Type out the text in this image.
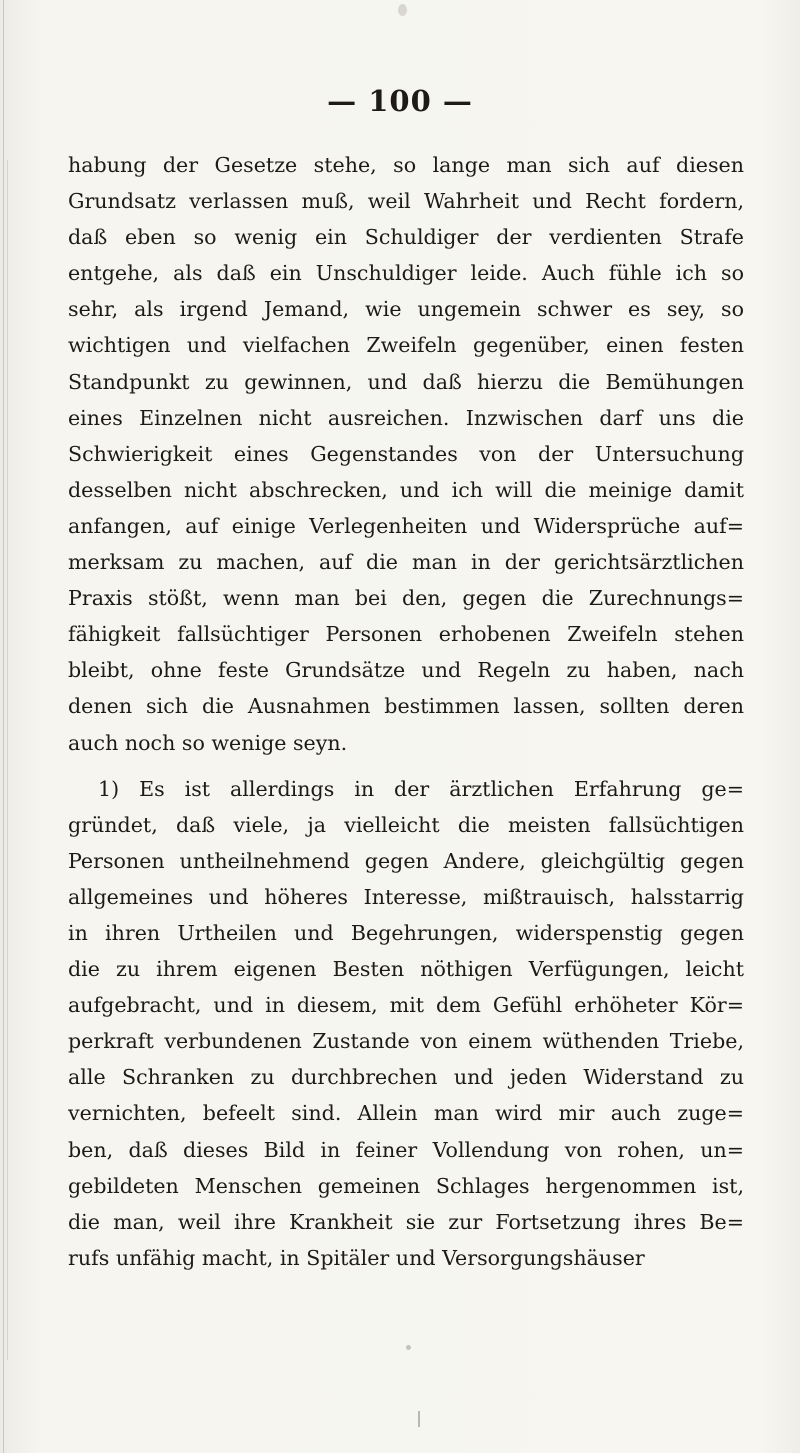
— 100 —
habung der Gesetze stehe, so lange man sich auf diesen
Grundsatz verlassen muß, weil Wahrheit und Recht fordern,
daß eben so wenig ein Schuldiger der verdienten Strafe
entgehe, als daß ein Unschuldiger leide. Auch fühle ich so
sehr, als irgend Jemand, wie ungemein schwer es sey, so
wichtigen und vielfachen Zweifeln gegenüber, einen festen
Standpunkt zu gewinnen, und daß hierzu die Bemühungen
eines Einzelnen nicht ausreichen. Inzwischen darf uns die
Schwierigkeit eines Gegenstandes von der Untersuchung
desselben nicht abschrecken, und ich will die meinige damit
anfangen, auf einige Verlegenheiten und Widersprüche auf=
merksam zu machen, auf die man in der gerichtsärztlichen
Praxis stößt, wenn man bei den, gegen die Zurechnungs=
fähigkeit fallsüchtiger Personen erhobenen Zweifeln stehen
bleibt, ohne feste Grundsätze und Regeln zu haben, nach
denen sich die Ausnahmen bestimmen lassen, sollten deren
auch noch so wenige seyn.
1) Es ist allerdings in der ärztlichen Erfahrung ge=
gründet, daß viele, ja vielleicht die meisten fallsüchtigen
Personen untheilnehmend gegen Andere, gleichgültig gegen
allgemeines und höheres Interesse, mißtrauisch, halsstarrig
in ihren Urtheilen und Begehrungen, widerspenstig gegen
die zu ihrem eigenen Besten nöthigen Verfügungen, leicht
aufgebracht, und in diesem, mit dem Gefühl erhöheter Kör=
perkraft verbundenen Zustande von einem wüthenden Triebe,
alle Schranken zu durchbrechen und jeden Widerstand zu
vernichten, befeelt sind. Allein man wird mir auch zuge=
ben, daß dieses Bild in feiner Vollendung von rohen, un=
gebildeten Menschen gemeinen Schlages hergenommen ist,
die man, weil ihre Krankheit sie zur Fortsetzung ihres Be=
rufs unfähig macht, in Spitäler und Versorgungshäuser
